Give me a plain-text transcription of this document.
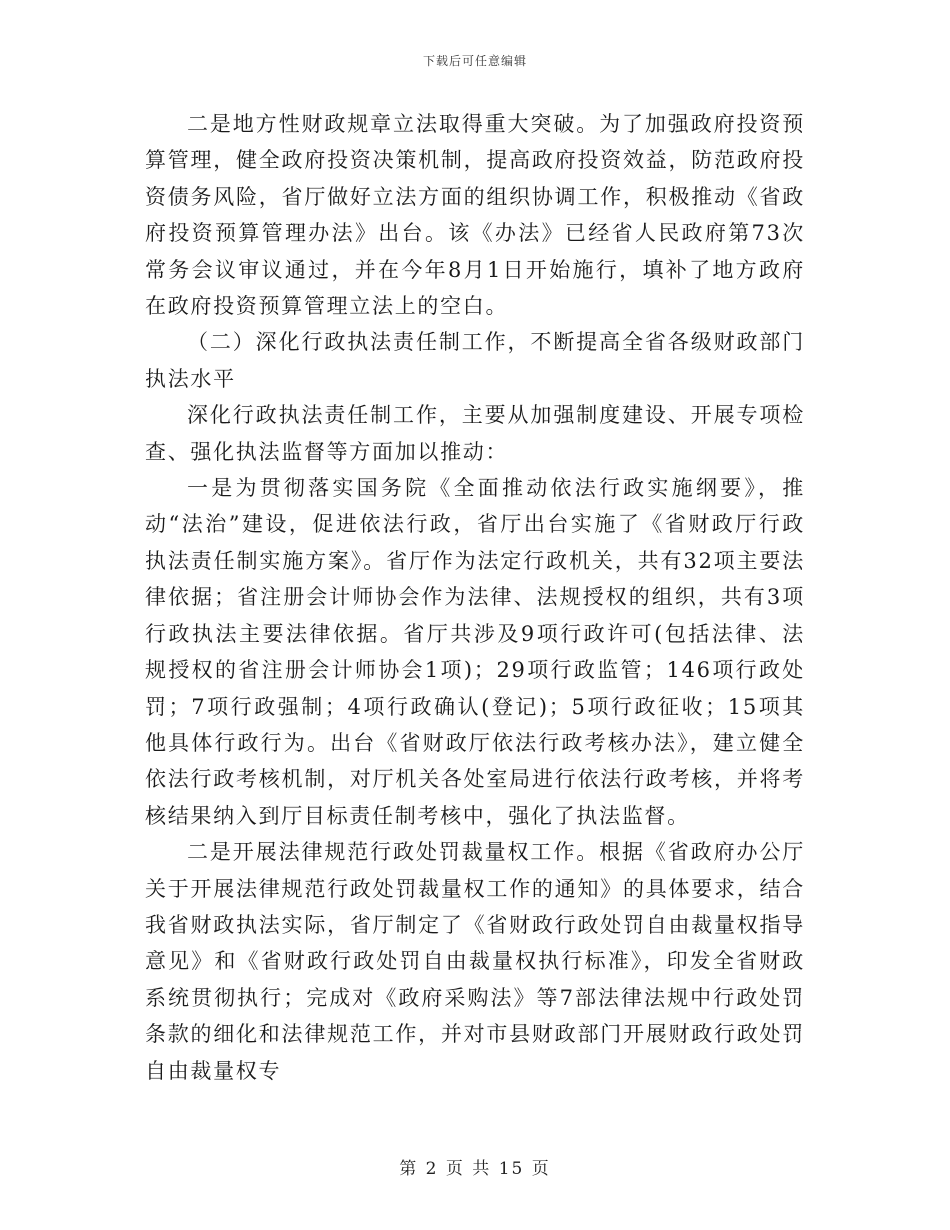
下载后可任意编辑

二是地方性财政规章立法取得重大突破。为了加强政府投资预算管理，健全政府投资决策机制，提高政府投资效益，防范政府投资债务风险，省厅做好立法方面的组织协调工作，积极推动《省政府投资预算管理办法》出台。该《办法》已经省人民政府第73次常务会议审议通过，并在今年8月1日开始施行，填补了地方政府在政府投资预算管理立法上的空白。

（二）深化行政执法责任制工作，不断提高全省各级财政部门执法水平

深化行政执法责任制工作，主要从加强制度建设、开展专项检查、强化执法监督等方面加以推动：

一是为贯彻落实国务院《全面推动依法行政实施纲要》，推动“法治”建设，促进依法行政，省厅出台实施了《省财政厅行政执法责任制实施方案》。省厅作为法定行政机关，共有32项主要法律依据；省注册会计师协会作为法律、法规授权的组织，共有3项行政执法主要法律依据。省厅共涉及9项行政许可(包括法律、法规授权的省注册会计师协会1项)；29项行政监管；146项行政处罚；7项行政强制；4项行政确认(登记)；5项行政征收；15项其他具体行政行为。出台《省财政厅依法行政考核办法》，建立健全依法行政考核机制，对厅机关各处室局进行依法行政考核，并将考核结果纳入到厅目标责任制考核中，强化了执法监督。

二是开展法律规范行政处罚裁量权工作。根据《省政府办公厅关于开展法律规范行政处罚裁量权工作的通知》的具体要求，结合我省财政执法实际，省厅制定了《省财政行政处罚自由裁量权指导意见》和《省财政行政处罚自由裁量权执行标准》，印发全省财政系统贯彻执行；完成对《政府采购法》等7部法律法规中行政处罚条款的细化和法律规范工作，并对市县财政部门开展财政行政处罚自由裁量权专

第 2 页 共 15 页
